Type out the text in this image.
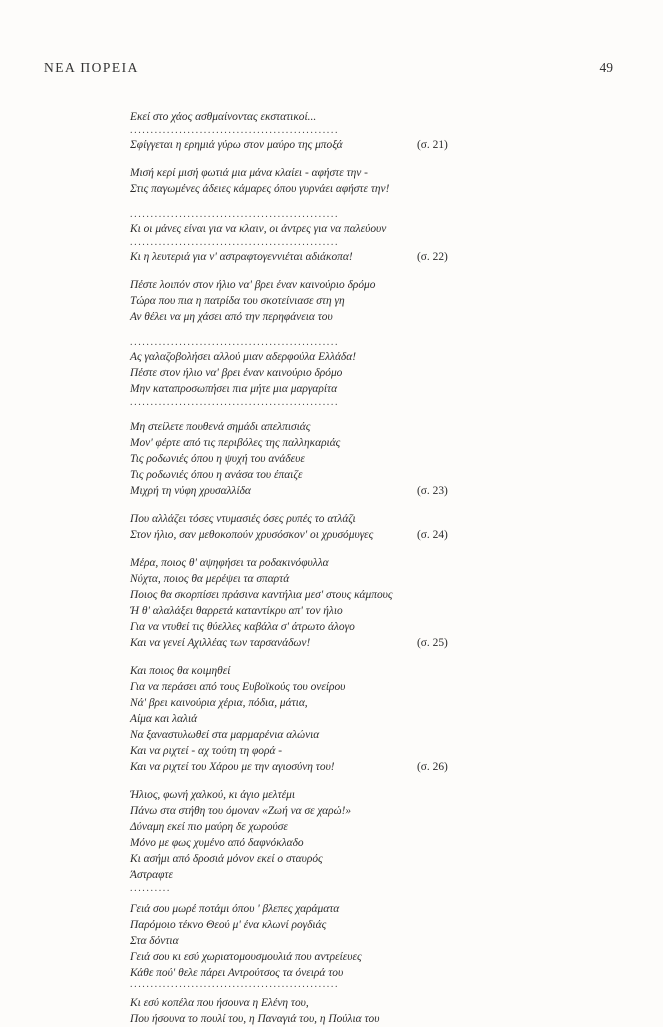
ΝΕΑ ΠΟΡΕΙΑ	49
Εκεί στο χάος ασθμαίνοντας εκστατικοί...
...................................................
Σφίγγεται η ερημιά γύρω στον μαύρο της μποξά	(σ. 21)
Μισή κερί μισή φωτιά μια μάνα κλαίει - αφήστε την -
Στις παγωμένες άδειες κάμαρες όπου γυρνάει αφήστε την!
...................................................
Κι οι μάνες είναι για να κλαιν, οι άντρες για να παλεύουν
...................................................
Κι η λευτεριά για ν' αστραφτογεννιέται αδιάκοπα!	(σ. 22)
Πέστε λοιπόν στον ήλιο να' βρει έναν καινούριο δρόμο
Τώρα που πια η πατρίδα του σκοτείνιασε στη γη
Αν θέλει να μη χάσει από την περηφάνεια του
...................................................
Ας γαλαζοβολήσει αλλού μιαν αδερφούλα Ελλάδα!
Πέστε στον ήλιο να' βρει έναν καινούριο δρόμο
Μην καταπροσωπήσει πια μήτε μια μαργαρίτα
...................................................
Μη στείλετε πουθενά σημάδι απελπισιάς
Μον' φέρτε από τις περιβόλες της παλληκαριάς
Τις ροδωνιές όπου η ψυχή του ανάδευε
Τις ροδωνιές όπου η ανάσα του έπαιζε
Μιχρή τη νύφη χρυσαλλίδα	(σ. 23)
Που αλλάζει τόσες ντυμασιές όσες ρυπές το ατλάζι
Στον ήλιο, σαν μεθοκοπούν χρυσόσκον' οι χρυσόμυγες	(σ. 24)
Μέρα, ποιος θ' αψηφήσει τα ροδακινόφυλλα
Νύχτα, ποιος θα μερέψει τα σπαρτά
Ποιος θα σκορπίσει πράσινα καντήλια μεσ' στους κάμπους
Ή θ' αλαλάξει θαρρετά καταντίκρυ απ' τον ήλιο
Για να ντυθεί τις θύελλες καβάλα σ' άτρωτο άλογο
Και να γενεί Αχιλλέας των ταρσανάδων!	(σ. 25)
Και ποιος θα κοιμηθεί
Για να περάσει από τους Ευβοϊκούς του ονείρου
Νά' βρει καινούρια χέρια, πόδια, μάτια,
Αίμα και λαλιά
Να ξαναστυλωθεί στα μαρμαρένια αλώνια
Και να ριχτεί - αχ τούτη τη φορά -
Και να ριχτεί του Χάρου με την αγιοσύνη του!	(σ. 26)
Ήλιος, φωνή χαλκού, κι άγιο μελτέμι
Πάνω στα στήθη του όμοναν «Ζωή να σε χαρώ!»
Δύναμη εκεί πιο μαύρη δε χωρούσε
Μόνο με φως χυμένο από δαφνόκλαδο
Κι ασήμι από δροσιά μόνον εκεί ο σταυρός
Άστραφτε
..........
Γειά σου μωρέ ποτάμι όπου ' βλεπες χαράματα
Παρόμοιο τέκνο Θεού μ' ένα κλωνί ρογδιάς
Στα δόντια
Γειά σου κι εσύ χωριατομουσμουλιά που αντρείευες
Κάθε πού' θελε πάρει Αντρούτσος τα όνειρά του
...................................................
Κι εσύ κοπέλα που ήσουνα η Ελένη του,
Που ήσουνα το πουλί του, η Παναγιά του, η Πούλια του
